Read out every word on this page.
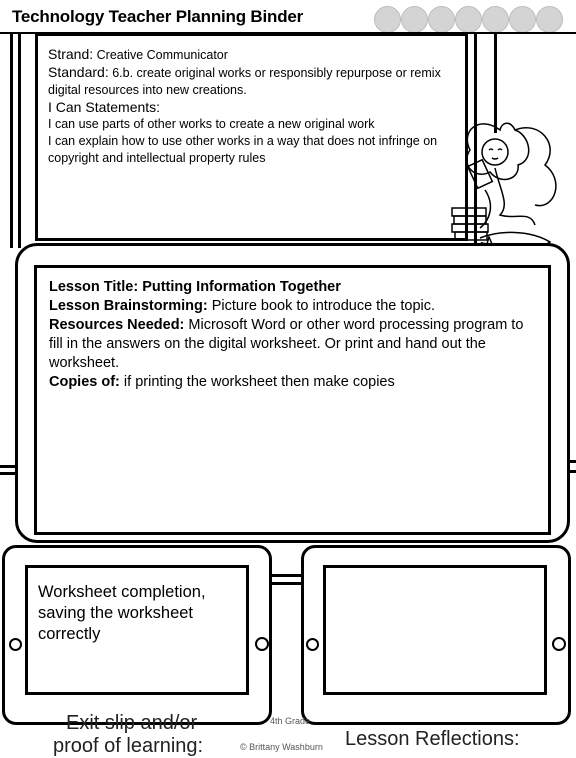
Technology Teacher Planning Binder
Strand: Creative Communicator
Standard: 6.b. create original works or responsibly repurpose or remix digital resources into new creations.
I Can Statements:
I can use parts of other works to create a new original work
I can explain how to use other works in a way that does not infringe on copyright and intellectual property rules
Lesson Title: Putting Information Together
Lesson Brainstorming: Picture book to introduce the topic.
Resources Needed: Microsoft Word or other word processing program to fill in the answers on the digital worksheet. Or print and hand out the worksheet.
Copies of: if printing the worksheet then make copies
Worksheet completion, saving the worksheet correctly
Exit slip and/or
proof of learning:	Lesson Reflections:
4th Grade
© Brittany Washburn
